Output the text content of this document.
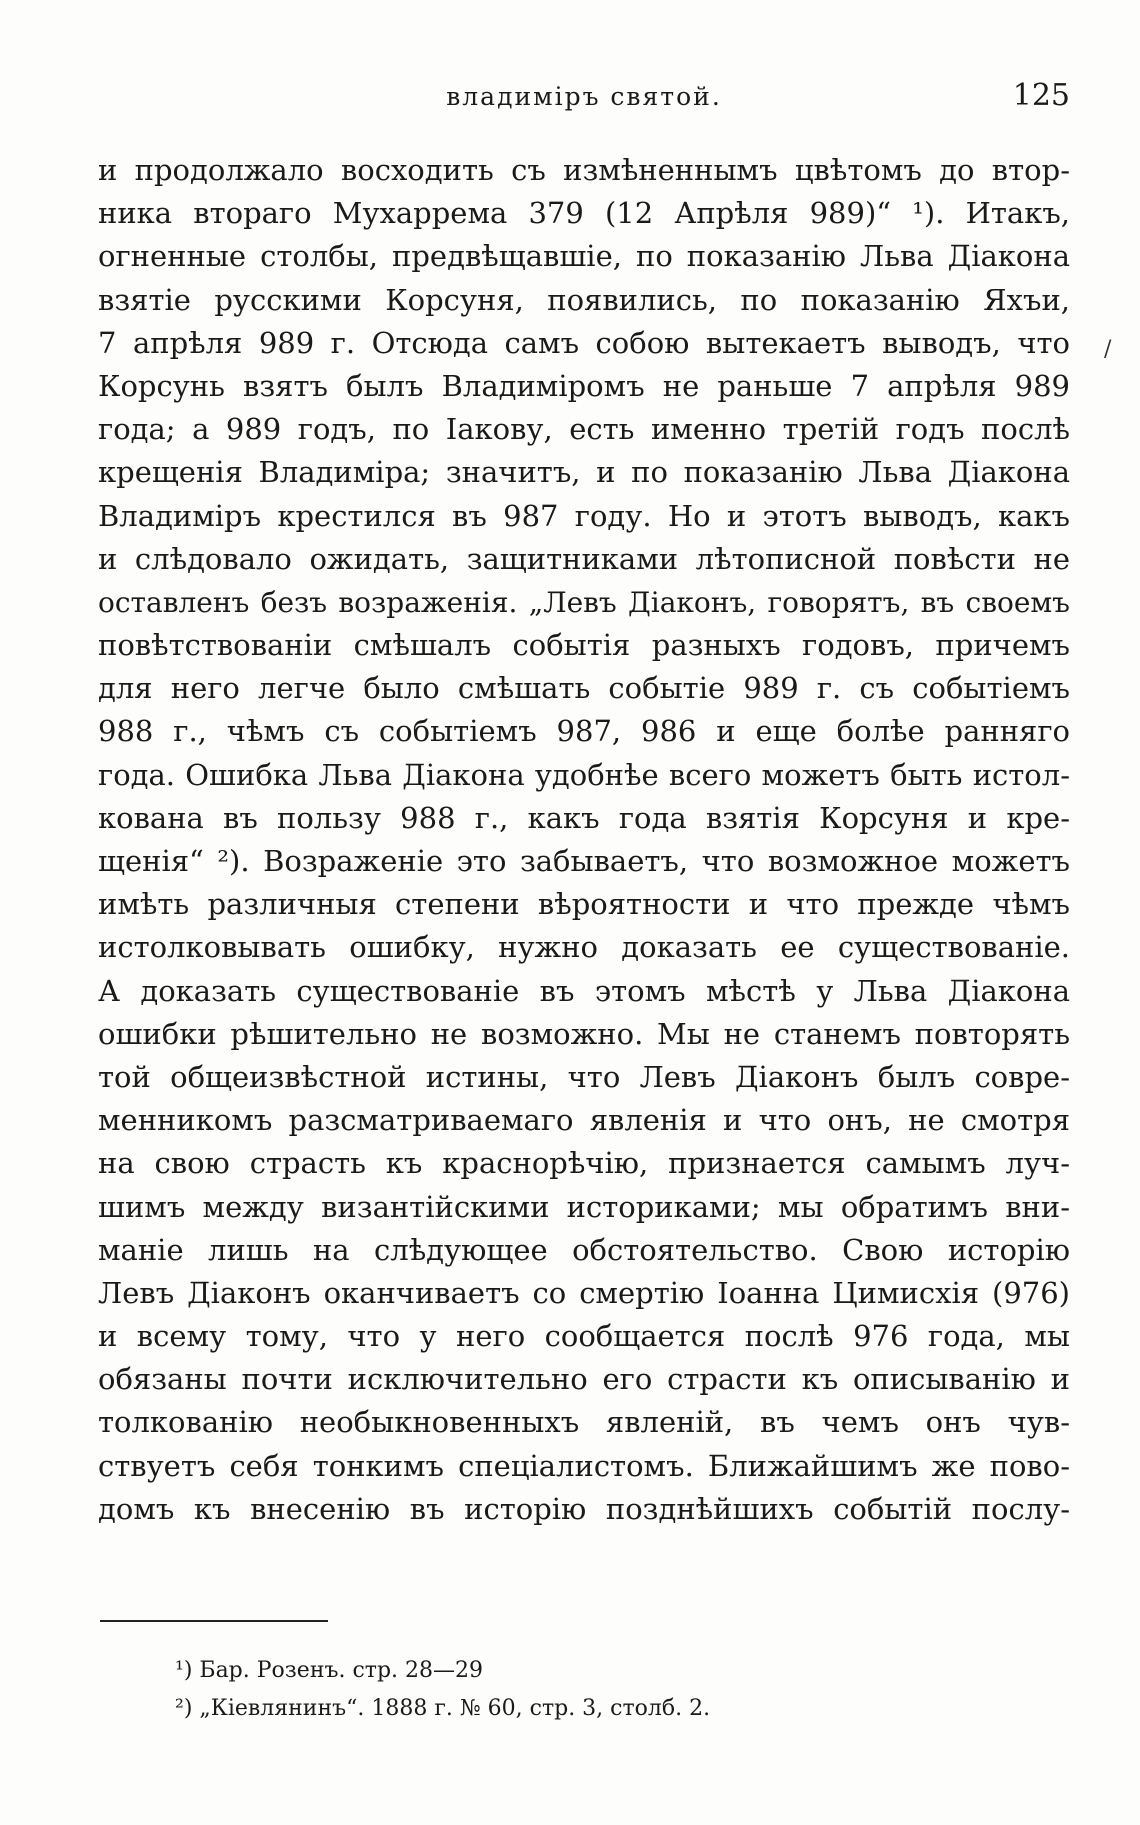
владиміръ святой.	125
/
и продолжало восходить съ измѣненнымъ цвѣтомъ до втор-
ника втораго Мухаррема 379 (12 Апрѣля 989)“ ¹). Итакъ,
огненные столбы, предвѣщавшіе, по показанію Льва Діакона
взятіе русскими Корсуня, появились, по показанію Яхъи,
7 апрѣля 989 г. Отсюда самъ собою вытекаетъ выводъ, что
Корсунь взятъ былъ Владиміромъ не раньше 7 апрѣля 989
года; а 989 годъ, по Іакову, есть именно третій годъ послѣ
крещенія Владиміра; значитъ, и по показанію Льва Діакона
Владиміръ крестился въ 987 году. Но и этотъ выводъ, какъ
и слѣдовало ожидать, защитниками лѣтописной повѣсти не
оставленъ безъ возраженія. „Левъ Діаконъ, говорятъ, въ своемъ
повѣтствованіи смѣшалъ событія разныхъ годовъ, причемъ
для него легче было смѣшать событіе 989 г. съ событіемъ
988 г., чѣмъ съ событіемъ 987, 986 и еще болѣе ранняго
года. Ошибка Льва Діакона удобнѣе всего можетъ быть истол-
кована въ пользу 988 г., какъ года взятія Корсуня и кре-
щенія“ ²). Возраженіе это забываетъ, что возможное можетъ
имѣть различныя степени вѣроятности и что прежде чѣмъ
истолковывать ошибку, нужно доказать ее существованіе.
А доказать существованіе въ этомъ мѣстѣ у Льва Діакона
ошибки рѣшительно не возможно. Мы не станемъ повторять
той общеизвѣстной истины, что Левъ Діаконъ былъ совре-
менникомъ разсматриваемаго явленія и что онъ, не смотря
на свою страсть къ краснорѣчію, признается самымъ луч-
шимъ между византійскими историками; мы обратимъ вни-
маніе лишь на слѣдующее обстоятельство. Свою исторію
Левъ Діаконъ оканчиваетъ со смертію Іоанна Цимисхія (976)
и всему тому, что у него сообщается послѣ 976 года, мы
обязаны почти исключительно его страсти къ описыванію и
толкованію необыкновенныхъ явленій, въ чемъ онъ чув-
ствуетъ себя тонкимъ спеціалистомъ. Ближайшимъ же пово-
домъ къ внесенію въ исторію позднѣйшихъ событій послу-
¹) Бар. Розенъ. стр. 28—29
²) „Кіевлянинъ“. 1888 г. № 60, стр. 3, столб. 2.
